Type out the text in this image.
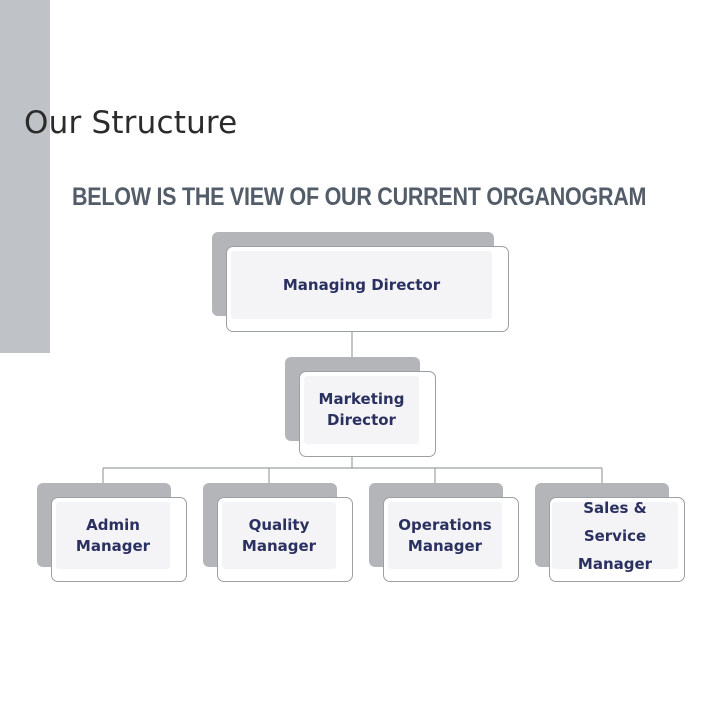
Our Structure
BELOW IS THE VIEW OF OUR CURRENT ORGANOGRAM
Managing Director
Marketing
Director
Admin
Manager
Quality
Manager
Operations
Manager
Sales & Service
Manager
